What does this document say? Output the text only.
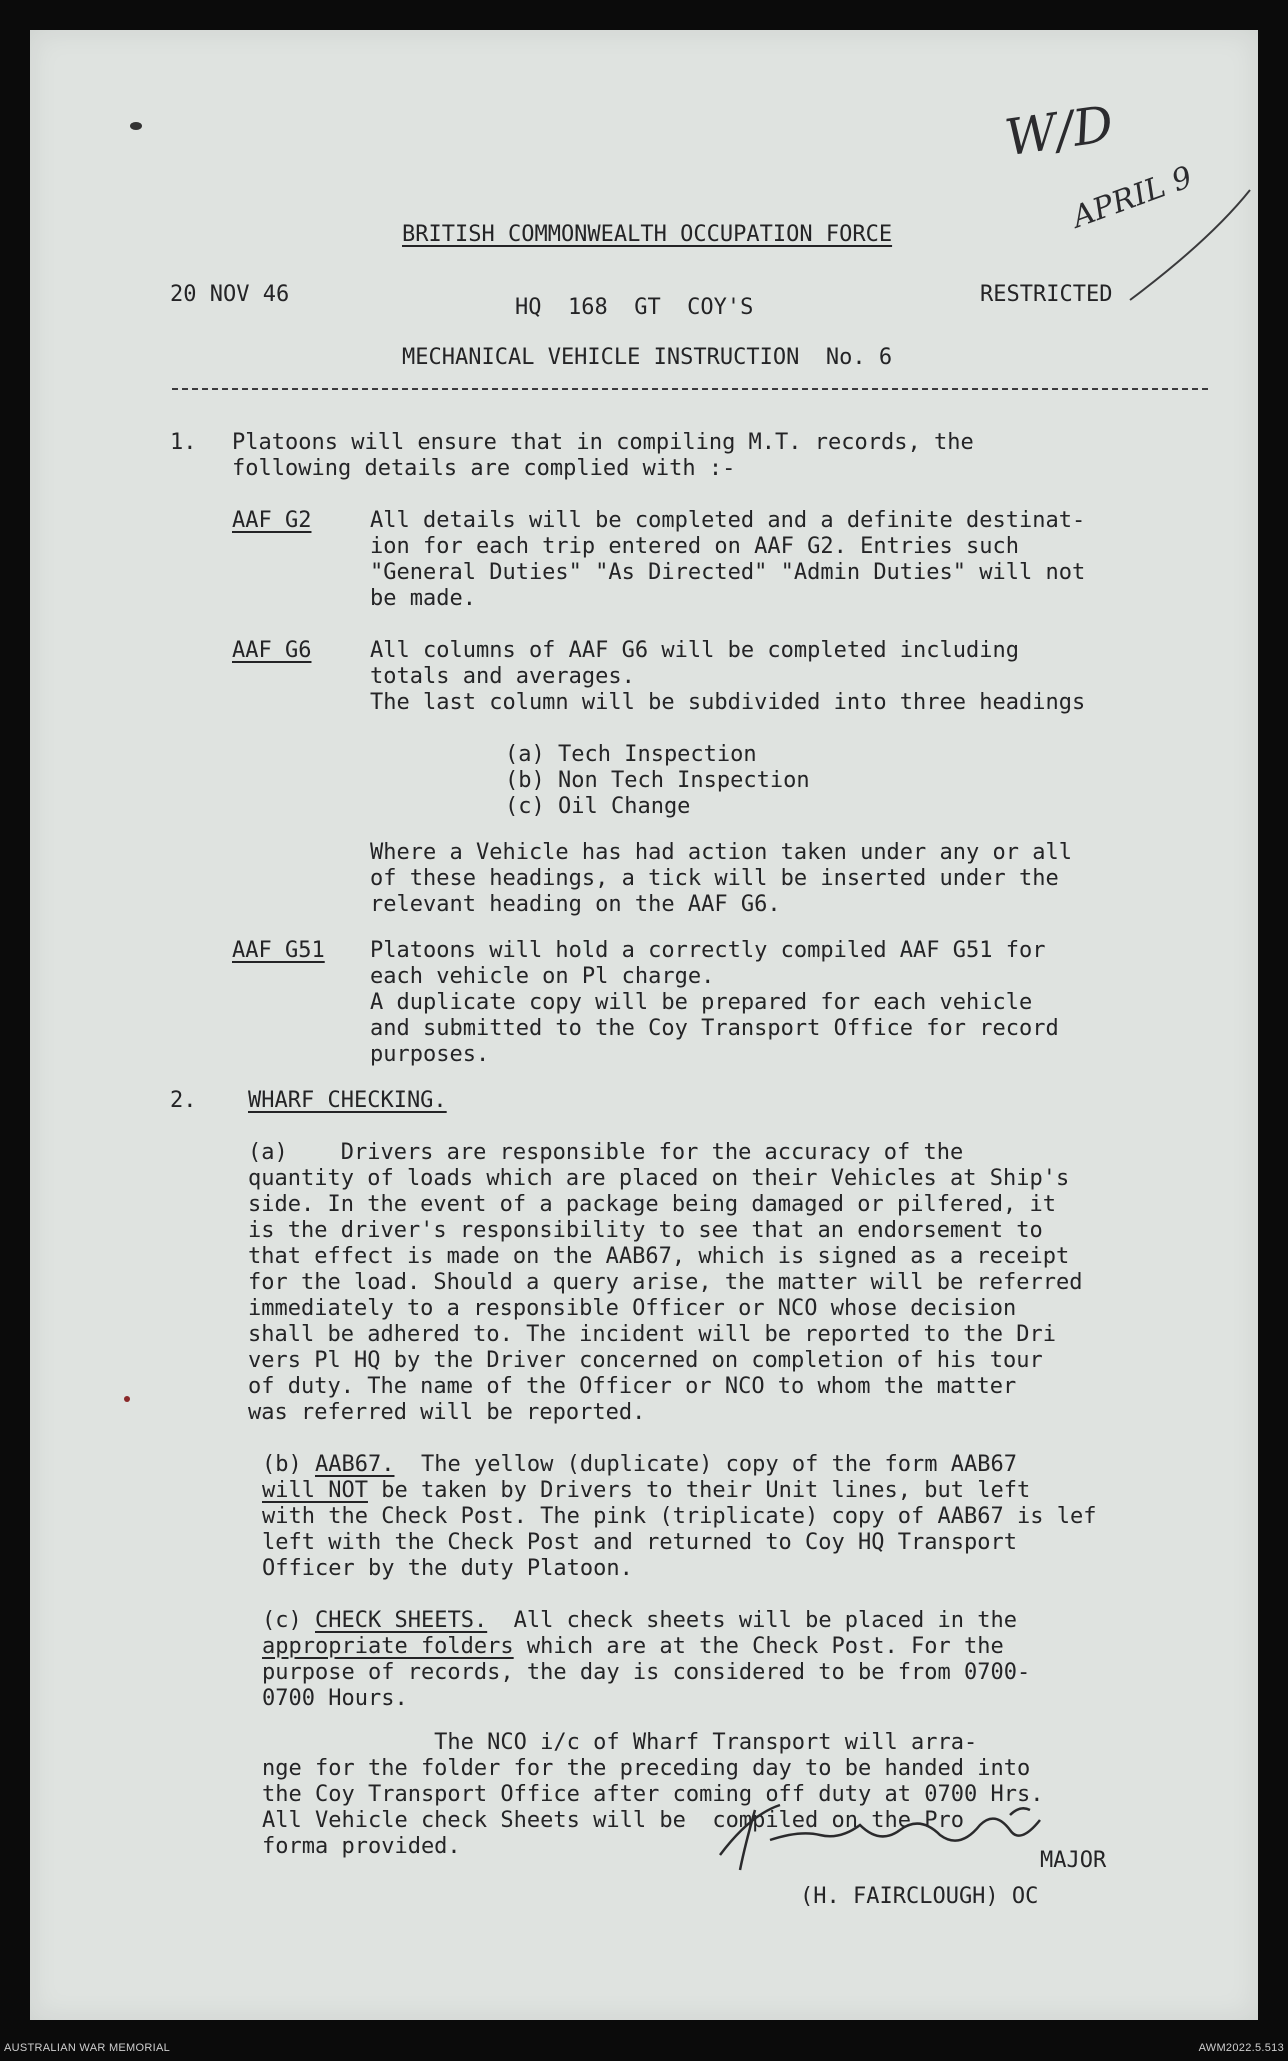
W/D
APRIL 9
BRITISH COMMONWEALTH OCCUPATION FORCE
20 NOV 46	RESTRICTED
HQ  168  GT  COY'S
MECHANICAL VEHICLE INSTRUCTION  No. 6
1. Platoons will ensure that in compiling M.T. records, the
following details are complied with :-
AAF G2	All details will be completed and a definite destinat-
ion for each trip entered on AAF G2. Entries such
"General Duties" "As Directed" "Admin Duties" will not
be made.
AAF G6	All columns of AAF G6 will be completed including
totals and averages.
The last column will be subdivided into three headings
(a) Tech Inspection
(b) Non Tech Inspection
(c) Oil Change
Where a Vehicle has had action taken under any or all
of these headings, a tick will be inserted under the
relevant heading on the AAF G6.
AAF G51 Platoons will hold a correctly compiled AAF G51 for
each vehicle on Pl charge.
A duplicate copy will be prepared for each vehicle
and submitted to the Coy Transport Office for record
purposes.
2. WHARF CHECKING.
(a)    Drivers are responsible for the accuracy of the
quantity of loads which are placed on their Vehicles at Ship's
side. In the event of a package being damaged or pilfered, it
is the driver's responsibility to see that an endorsement to
that effect is made on the AAB67, which is signed as a receipt
for the load. Should a query arise, the matter will be referred
immediately to a responsible Officer or NCO whose decision
shall be adhered to. The incident will be reported to the Dri
vers Pl HQ by the Driver concerned on completion of his tour
of duty. The name of the Officer or NCO to whom the matter
was referred will be reported.
(b) AAB67.  The yellow (duplicate) copy of the form AAB67
will NOT be taken by Drivers to their Unit lines, but left
with the Check Post. The pink (triplicate) copy of AAB67 is lef
left with the Check Post and returned to Coy HQ Transport
Officer by the duty Platoon.
(c) CHECK SHEETS.  All check sheets will be placed in the
appropriate folders which are at the Check Post. For the
purpose of records, the day is considered to be from 0700-
0700 Hours.
The NCO i/c of Wharf Transport will arra-
nge for the folder for the preceding day to be handed into
the Coy Transport Office after coming off duty at 0700 Hrs.
All Vehicle check Sheets will be  compiled on the Pro
forma provided.
MAJOR
(H. FAIRCLOUGH) OC
AUSTRALIAN WAR MEMORIAL	AWM2022.5.513
